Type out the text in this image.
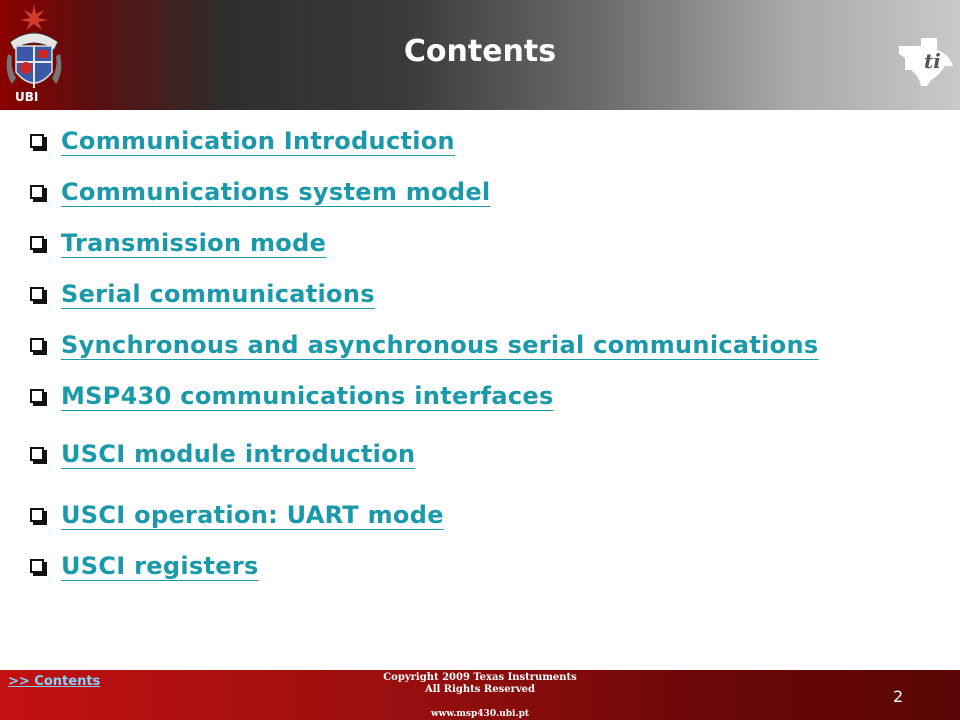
UBI
Contents	ti
Communication Introduction
Communications system model
Transmission mode
Serial communications
Synchronous and asynchronous serial communications
MSP430 communications interfaces
USCI module introduction
USCI operation: UART mode
USCI registers
>> Contents	Copyright 2009 Texas Instruments
All Rights Reserved
www.msp430.ubi.pt
2
